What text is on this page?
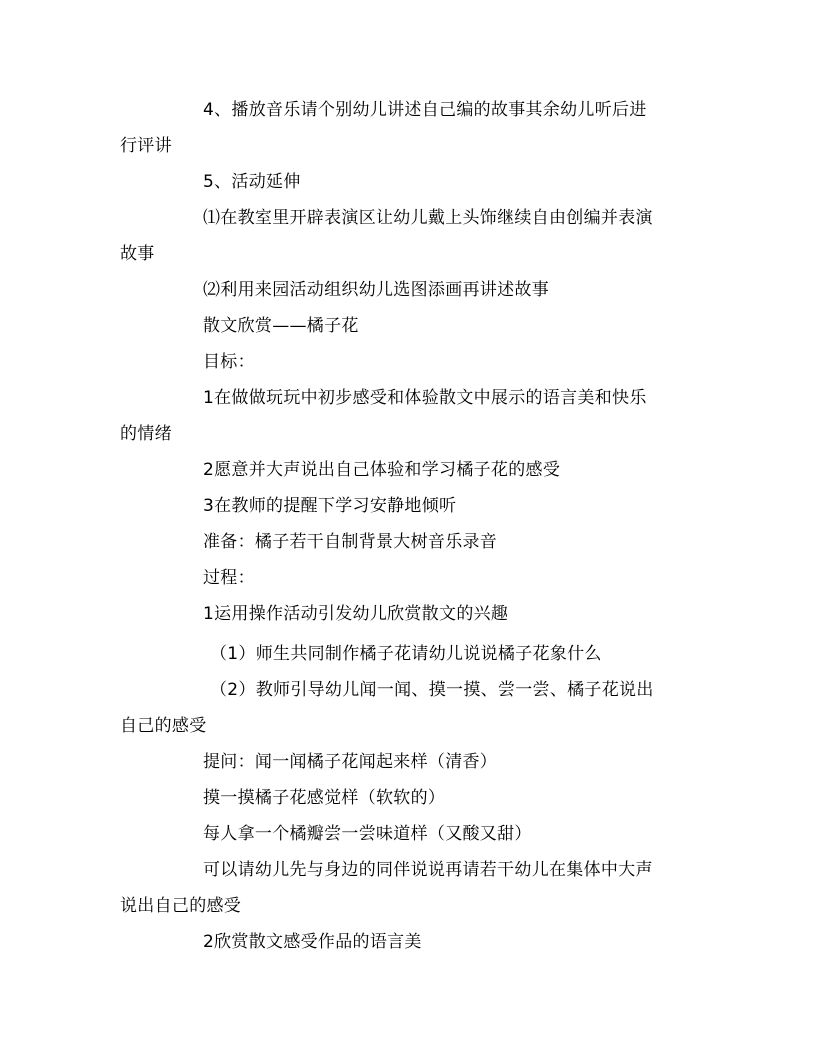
4、播放音乐请个别幼儿讲述自己编的故事其余幼儿听后进
行评讲
5、活动延伸
⑴在教室里开辟表演区让幼儿戴上头饰继续自由创编并表演
故事
⑵利用来园活动组织幼儿选图添画再讲述故事
散文欣赏——橘子花
目标：
1在做做玩玩中初步感受和体验散文中展示的语言美和快乐
的情绪
2愿意并大声说出自己体验和学习橘子花的感受
3在教师的提醒下学习安静地倾听
准备：橘子若干自制背景大树音乐录音
过程：
1运用操作活动引发幼儿欣赏散文的兴趣
（1）师生共同制作橘子花请幼儿说说橘子花象什么
（2）教师引导幼儿闻一闻、摸一摸、尝一尝、橘子花说出
自己的感受
提问：闻一闻橘子花闻起来样（清香）
摸一摸橘子花感觉样（软软的）
每人拿一个橘瓣尝一尝味道样（又酸又甜）
可以请幼儿先与身边的同伴说说再请若干幼儿在集体中大声
说出自己的感受
2欣赏散文感受作品的语言美
